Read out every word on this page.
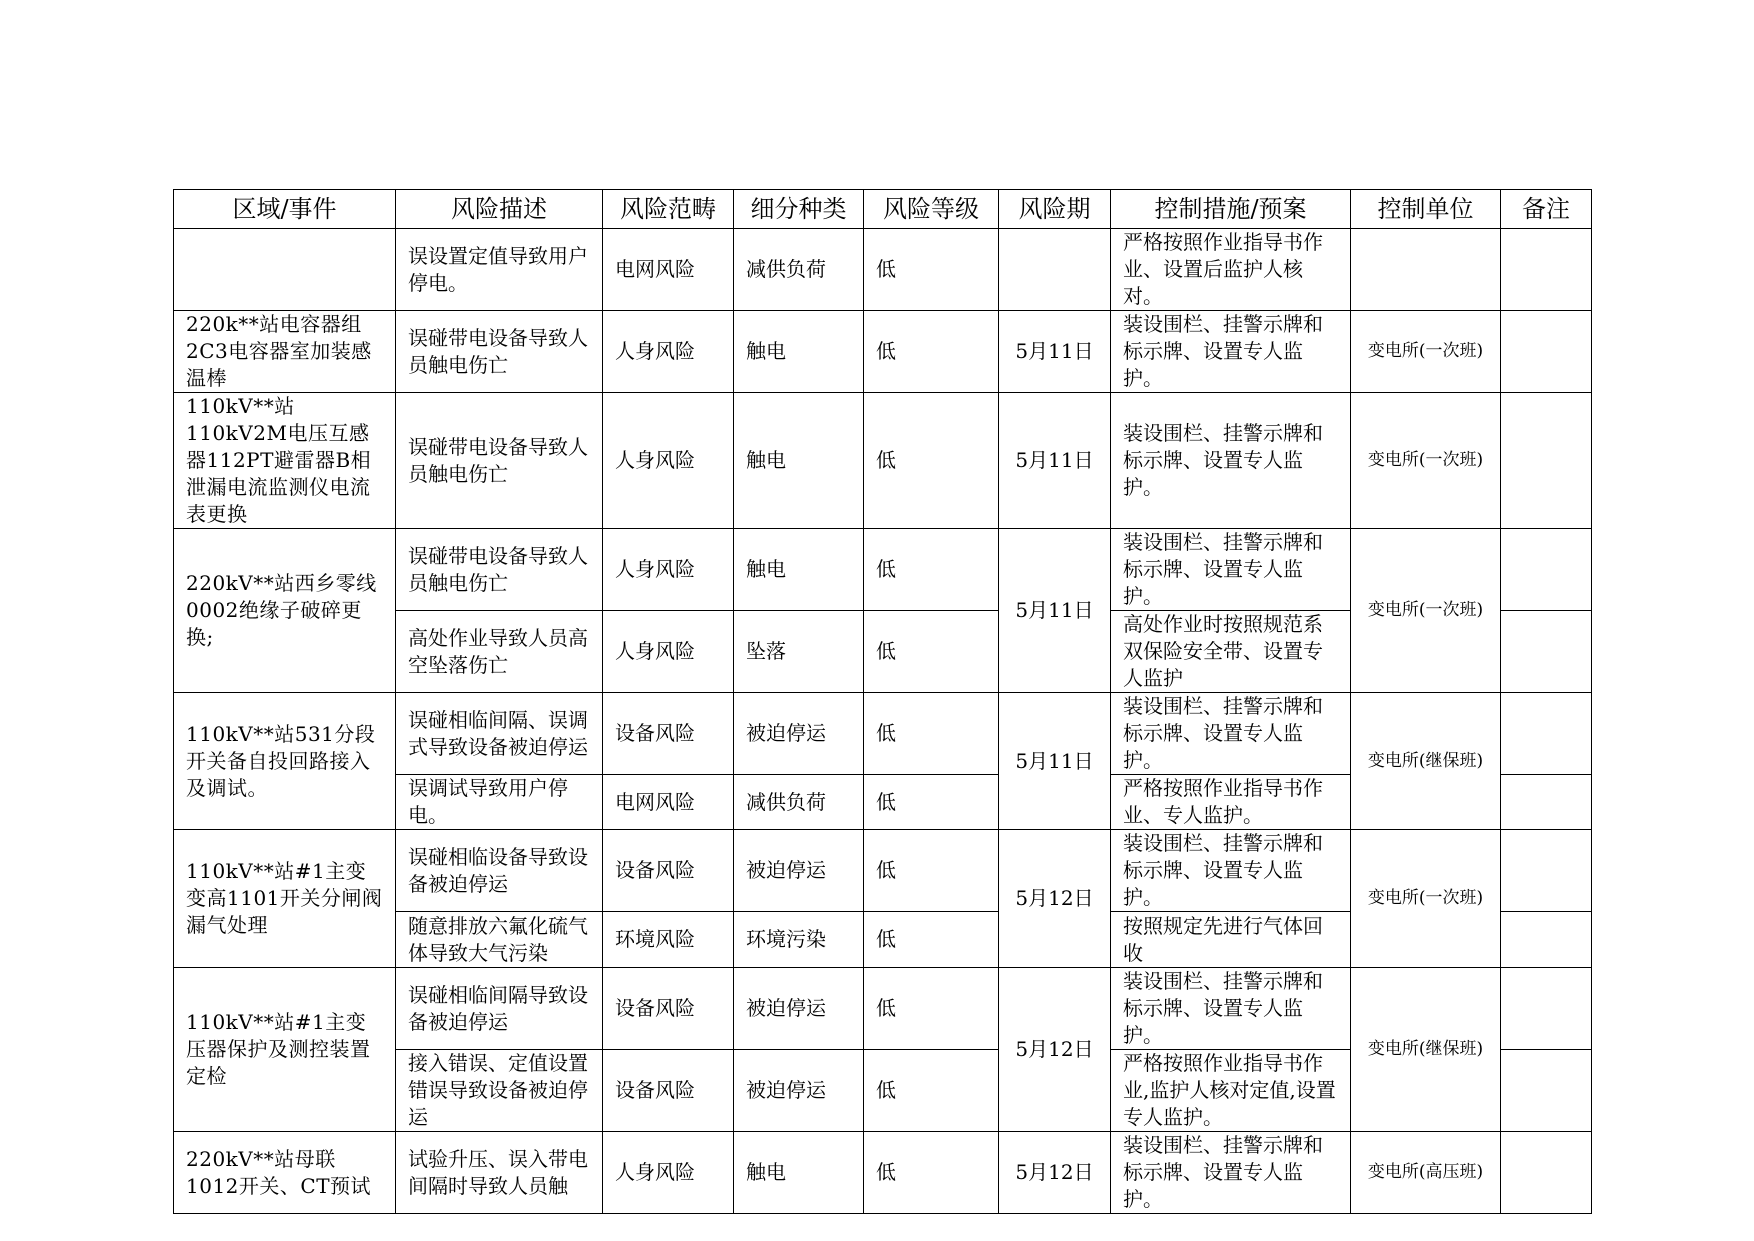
区域/事件	风险描述	风险范畴	细分种类	风险等级	风险期	控制措施/预案	控制单位	备注
	误设置定值导致用户停电。	电网风险	减供负荷	低		严格按照作业指导书作业、设置后监护人核对。		
220k**站电容器组2C3电容器室加装感温棒	误碰带电设备导致人员触电伤亡	人身风险	触电	低	5月11日	装设围栏、挂警示牌和标示牌、设置专人监护。	变电所(一次班)	
110kV**站110kV2M电压互感器112PT避雷器B相泄漏电流监测仪电流表更换	误碰带电设备导致人员触电伤亡	人身风险	触电	低	5月11日	装设围栏、挂警示牌和标示牌、设置专人监护。	变电所(一次班)	
220kV**站西乡零线0002绝缘子破碎更换;	误碰带电设备导致人员触电伤亡	人身风险	触电	低	5月11日	装设围栏、挂警示牌和标示牌、设置专人监护。	变电所(一次班)	
	高处作业导致人员高空坠落伤亡	人身风险	坠落	低		高处作业时按照规范系双保险安全带、设置专人监护		
110kV**站531分段开关备自投回路接入及调试。	误碰相临间隔、误调式导致设备被迫停运	设备风险	被迫停运	低	5月11日	装设围栏、挂警示牌和标示牌、设置专人监护。	变电所(继保班)	
	误调试导致用户停电。	电网风险	减供负荷	低		严格按照作业指导书作业、专人监护。		
110kV**站#1主变变高1101开关分闸阀漏气处理	误碰相临设备导致设备被迫停运	设备风险	被迫停运	低	5月12日	装设围栏、挂警示牌和标示牌、设置专人监护。	变电所(一次班)	
	随意排放六氟化硫气体导致大气污染	环境风险	环境污染	低		按照规定先进行气体回收		
110kV**站#1主变压器保护及测控装置定检	误碰相临间隔导致设备被迫停运	设备风险	被迫停运	低	5月12日	装设围栏、挂警示牌和标示牌、设置专人监护。	变电所(继保班)	
	接入错误、定值设置错误导致设备被迫停运	设备风险	被迫停运	低		严格按照作业指导书作业,监护人核对定值,设置专人监护。		
220kV**站母联1012开关、CT预试	试验升压、误入带电间隔时导致人员触	人身风险	触电	低	5月12日	装设围栏、挂警示牌和标示牌、设置专人监护。	变电所(高压班)	
